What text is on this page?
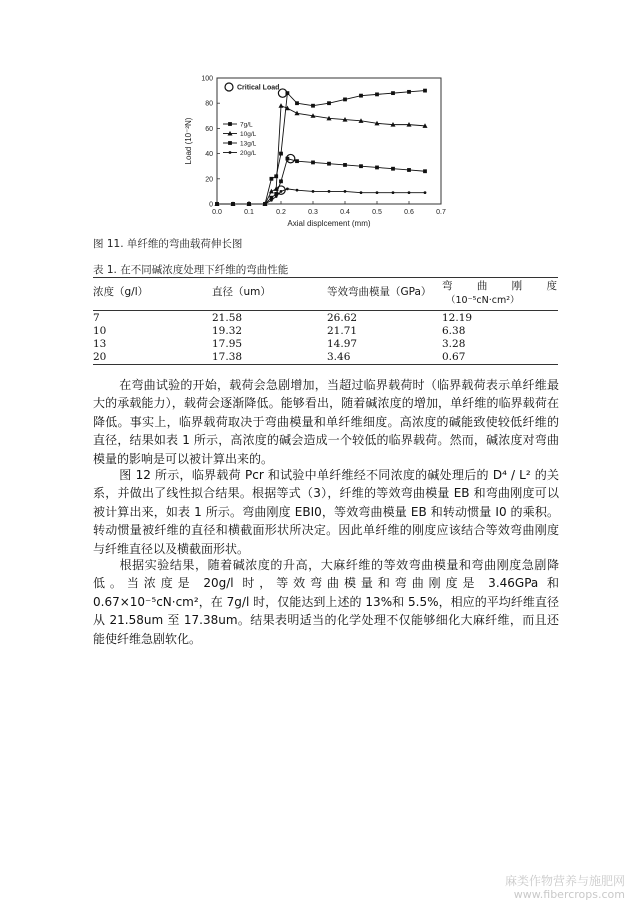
0.0	0.1	0.2	0.3	0.4	0.5	0.6	0.7
0
20
40
60
80
100
Axial displcement (mm)
Load (10⁻²N)
Critical Load
7g/L
10g/L
13g/L
20g/L
图 11. 单纤维的弯曲载荷伸长图
表 1. 在不同碱浓度处理下纤维的弯曲性能
浓度（g/l）	直径（um）	等效弯曲模量（GPa） 弯　曲　刚　度
（10⁻⁵cN·cm²）
7	21.58	26.62	12.19
10	19.32	21.71	6.38
13	17.95	14.97	3.28
20	17.38	3.46	0.67
在弯曲试验的开始，载荷会急剧增加，当超过临界载荷时（临界载荷表示单纤维最大的承载能力），载荷会逐渐降低。能够看出，随着碱浓度的增加，单纤维的临界载荷在降低。事实上，临界载荷取决于弯曲模量和单纤维细度。高浓度的碱能致使较低纤维的直径，结果如表 1 所示，高浓度的碱会造成一个较低的临界载荷。然而，碱浓度对弯曲模量的影响是可以被计算出来的。
图 12 所示，临界载荷 Pcr 和试验中单纤维经不同浓度的碱处理后的 D⁴ / L² 的关系，并做出了线性拟合结果。根据等式（3），纤维的等效弯曲模量 EB 和弯曲刚度可以被计算出来，如表 1 所示。弯曲刚度 EBI0，等效弯曲模量 EB 和转动惯量 I0 的乘积。转动惯量被纤维的直径和横截面形状所决定。因此单纤维的刚度应该结合等效弯曲刚度与纤维直径以及横截面形状。
根据实验结果，随着碱浓度的升高，大麻纤维的等效弯曲模量和弯曲刚度急剧降低。当浓度是 20g/l 时，等效弯曲模量和弯曲刚度是 3.46GPa 和 0.67×10⁻⁵cN·cm²，在 7g/l 时，仅能达到上述的 13%和 5.5%，相应的平均纤维直径从 21.58um 至 17.38um。结果表明适当的化学处理不仅能够细化大麻纤维，而且还能使纤维急剧软化。
麻类作物营养与施肥网
www.fibercrops.com
